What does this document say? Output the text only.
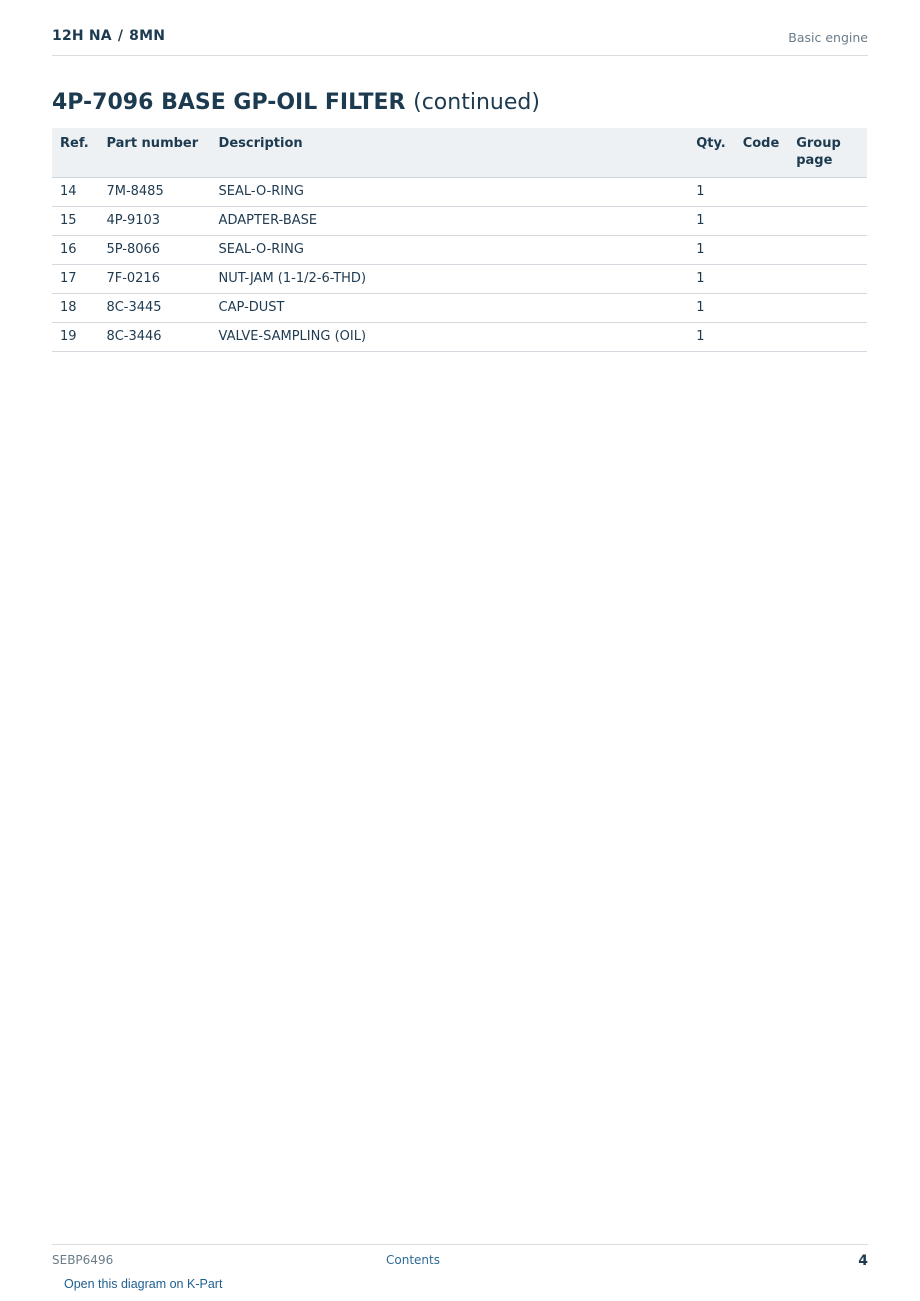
12H NA / 8MN	Basic engine
4P-7096 BASE GP-OIL FILTER (continued)
Ref.	Part number	Description	Qty.	Code	Group page
14	7M-8485	SEAL-O-RING	1		
15	4P-9103	ADAPTER-BASE	1		
16	5P-8066	SEAL-O-RING	1		
17	7F-0216	NUT-JAM (1-1/2-6-THD)	1		
18	8C-3445	CAP-DUST	1		
19	8C-3446	VALVE-SAMPLING (OIL)	1		
SEBP6496	Contents	4
Open this diagram on K-Part
